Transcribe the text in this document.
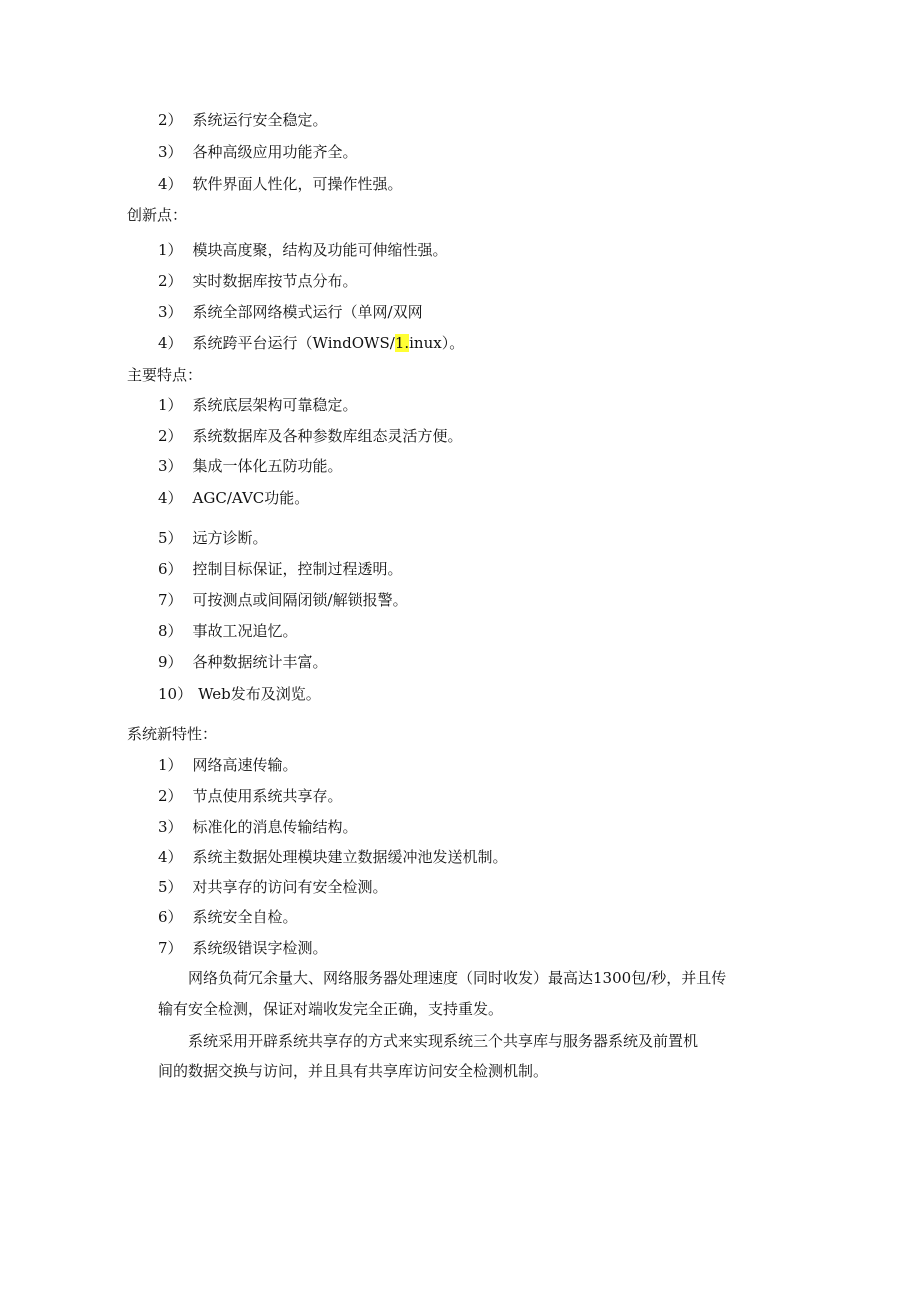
2） 系统运行安全稳定。
3） 各种高级应用功能齐全。
4） 软件界面人性化，可操作性强。
创新点：
1） 模块高度聚，结构及功能可伸缩性强。
2） 实时数据库按节点分布。
3） 系统全部网络模式运行（单网/双网
4） 系统跨平台运行（WindOWS/1.inux）。
主要特点：
1） 系统底层架构可靠稳定。
2） 系统数据库及各种参数库组态灵活方便。
3） 集成一体化五防功能。
4） AGC/AVC功能。
5） 远方诊断。
6） 控制目标保证，控制过程透明。
7） 可按测点或间隔闭锁/解锁报警。
8） 事故工况追忆。
9） 各种数据统计丰富。
10） Web发布及浏览。
系统新特性：
1） 网络高速传输。
2） 节点使用系统共享存。
3） 标准化的消息传输结构。
4） 系统主数据处理模块建立数据缓冲池发送机制。
5） 对共享存的访问有安全检测。
6） 系统安全自检。
7） 系统级错误字检测。
网络负荷冗余量大、网络服务器处理速度（同时收发）最高达1300包/秒，并且传
输有安全检测，保证对端收发完全正确，支持重发。
系统采用开辟系统共享存的方式来实现系统三个共享库与服务器系统及前置机
间的数据交换与访问，并且具有共享库访问安全检测机制。
